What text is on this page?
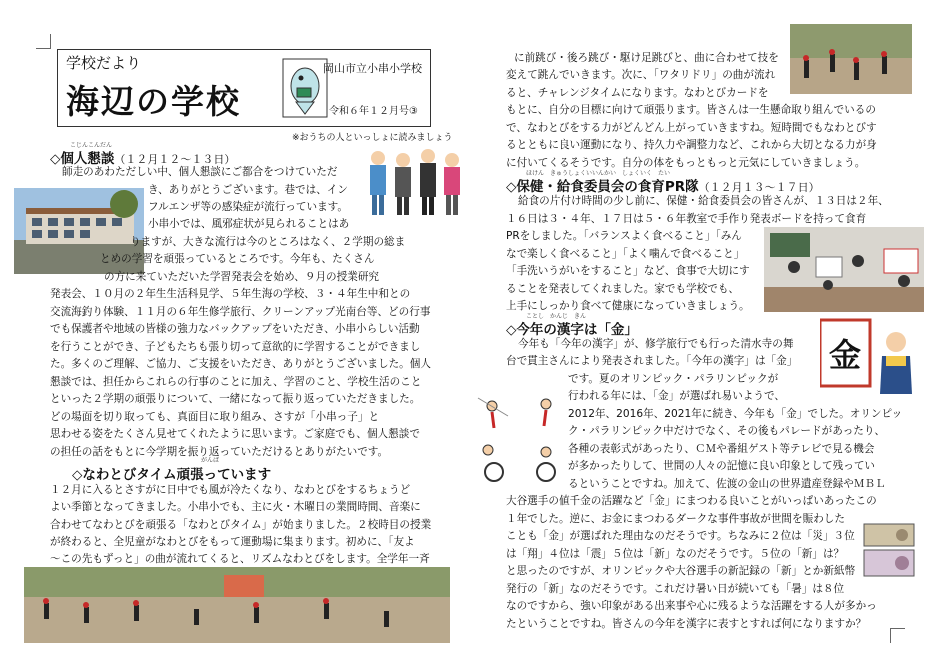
学校だより
海辺の学校
岡山市立小串小学校
令和６年１２月号③
※おうちの人といっしょに読みましょう
◇個人懇談（１２月１２～１３日）
こじんこんだん
師走のあわただしい中、個人懇談にご都合をつけていただ
き、ありがとうございます。巷では、イン
フルエンザ等の感染症が流行っています。
小串小では、風邪症状が見られることはあ
りますが、大きな流行は今のところはなく、２学期の総ま
とめの学習を頑張っているところです。今年も、たくさん
の方に来ていただいた学習発表会を始め、９月の授業研究
発表会、１０月の２年生生活科見学、５年生海の学校、３・４年生中和との
交流海釣り体験、１１月の６年生修学旅行、クリーンアップ光南台等、どの行事
でも保護者や地域の皆様の強力なバックアップをいただき、小串小らしい活動
を行うことができ、子どもたちも張り切って意欲的に学習することができまし
た。多くのご理解、ご協力、ご支援をいただき、ありがとうございました。個人
懇談では、担任からこれらの行事のことに加え、学習のこと、学校生活のこと
といった２学期の頑張りについて、一緒になって振り返っていただきました。
どの場面を切り取っても、真面目に取り組み、さすが「小串っ子」と
思わせる姿をたくさん見せてくれたように思います。ご家庭でも、個人懇談で
の担任の話をもとに今学期を振り返っていただけるとありがたいです。
◇なわとびタイム頑張っています
がんば
１２月に入るとさすがに日中でも風が冷たくなり、なわとびをするちょうど
よい季節となってきました。小串小でも、主に火・木曜日の業間時間、音楽に
合わせてなわとびを頑張る「なわとびタイム」が始まりました。２校時目の授業
が終わると、全児童がなわとびをもって運動場に集まります。初めに、「友よ
～この先もずっと」の曲が流れてくると、リズムなわとびをします。全学年一斉
金
に前跳び・後ろ跳び・駆け足跳びと、曲に合わせて技を
変えて跳んでいきます。次に、「ワタリドリ」の曲が流れ
ると、チャレンジタイムになります。なわとびカードを
もとに、自分の目標に向けて頑張ります。皆さんは一生懸命取り組んでいるの
で、なわとびをする力がどんどん上がっていきますね。短時間でもなわとびす
るとともに良い運動になり、持久力や調整力など、これから大切となる力が身
に付いてくるそうです。自分の体をもっともっと元気にしていきましょう。
◇保健・給食委員会の食育PR隊（１２月１３～１７日）
ほけん　きゅうしょくいいんかい　しょくいく　たい
給食の片付け時間の少し前に、保健・給食委員会の皆さんが、１３日は２年、
１６日は３・４年、１７日は５・６年教室で手作り発表ボードを持って食育
PRをしました。「バランスよく食べること」「みん
なで楽しく食べること」「よく噛んで食べること」
「手洗いうがいをすること」など、食事で大切にす
ることを発表してくれました。家でも学校でも、
上手にしっかり食べて健康になっていきましょう。
◇今年の漢字は「金」
ことし　かんじ　きん
今年も「今年の漢字」が、修学旅行でも行った清水寺の舞
台で貫主さんにより発表されました。「今年の漢字」は「金」
です。夏のオリンピック・パラリンピックが
行われる年には、「金」が選ばれ易いようで、
2012年、2016年、2021年に続き、今年も「金」でした。オリンピッ
ク・パラリンピック中だけでなく、その後もパレードがあったり、
各種の表彰式があったり、ＣＭや番組ゲスト等テレビで見る機会
が多かったりして、世間の人々の記憶に良い印象として残ってい
るということですね。加えて、佐渡の金山の世界遺産登録やＭＢＬ
大谷選手の値千金の活躍など「金」にまつわる良いことがいっぱいあったこの
１年でした。逆に、お金にまつわるダークな事件事故が世間を賑わした
ことも「金」が選ばれた理由なのだそうです。ちなみに２位は「災」３位
は「翔」４位は「震」５位は「新」なのだそうです。５位の「新」は？
と思ったのですが、オリンピックや大谷選手の新記録の「新」とか新紙幣
発行の「新」なのだそうです。これだけ暑い日が続いても「暑」は８位
なのですから、強い印象がある出来事や心に残るような活躍をする人が多かっ
たということですね。皆さんの今年を漢字に表すとすれば何になりますか？
